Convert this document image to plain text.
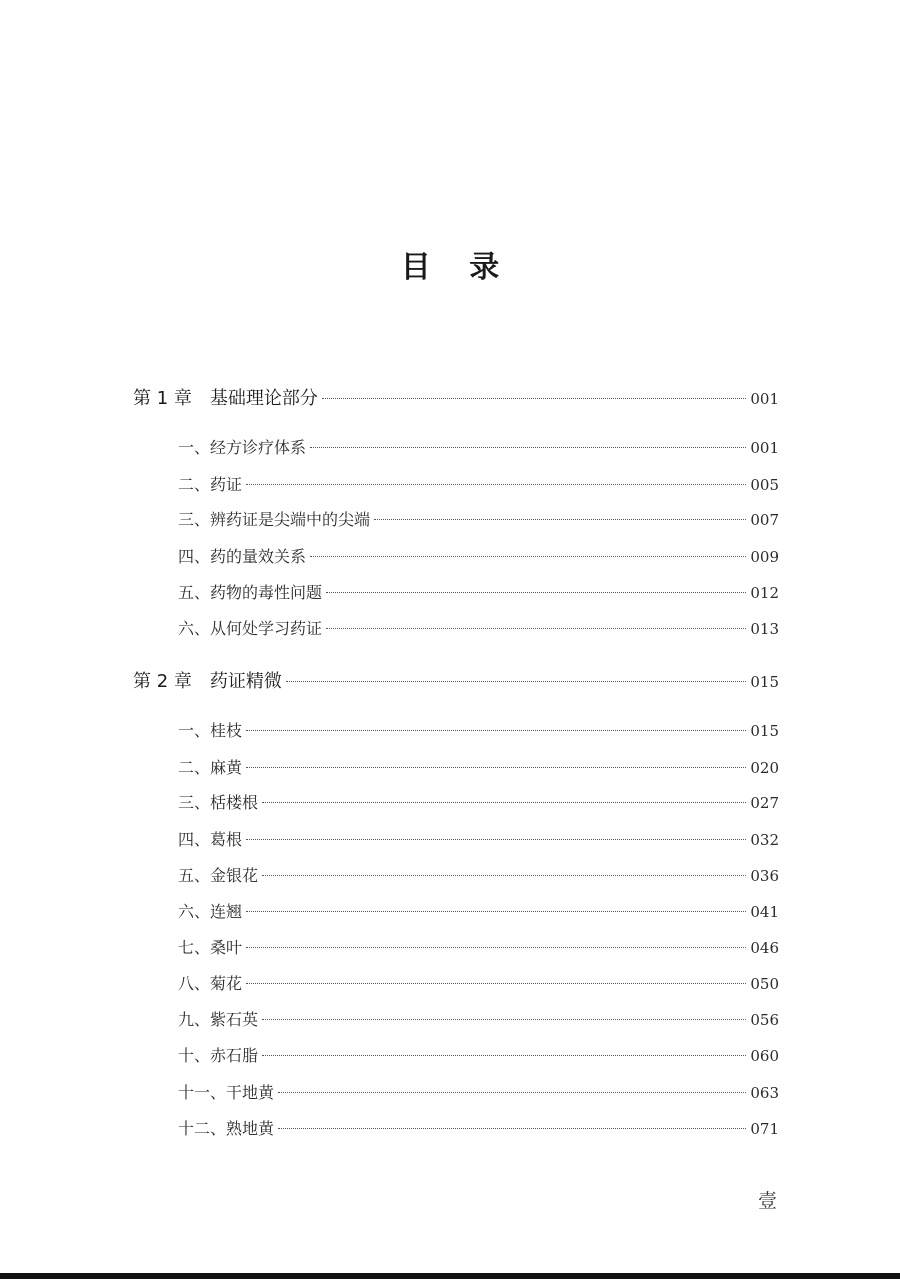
目 录
第 1 章 基础理论部分	001
一、经方诊疗体系	001
二、药证	005
三、辨药证是尖端中的尖端	007
四、药的量效关系	009
五、药物的毒性问题	012
六、从何处学习药证	013
第 2 章 药证精微	015
一、桂枝	015
二、麻黄	020
三、栝楼根	027
四、葛根	032
五、金银花	036
六、连翘	041
七、桑叶	046
八、菊花	050
九、紫石英	056
十、赤石脂	060
十一、干地黄	063
十二、熟地黄	071
壹
